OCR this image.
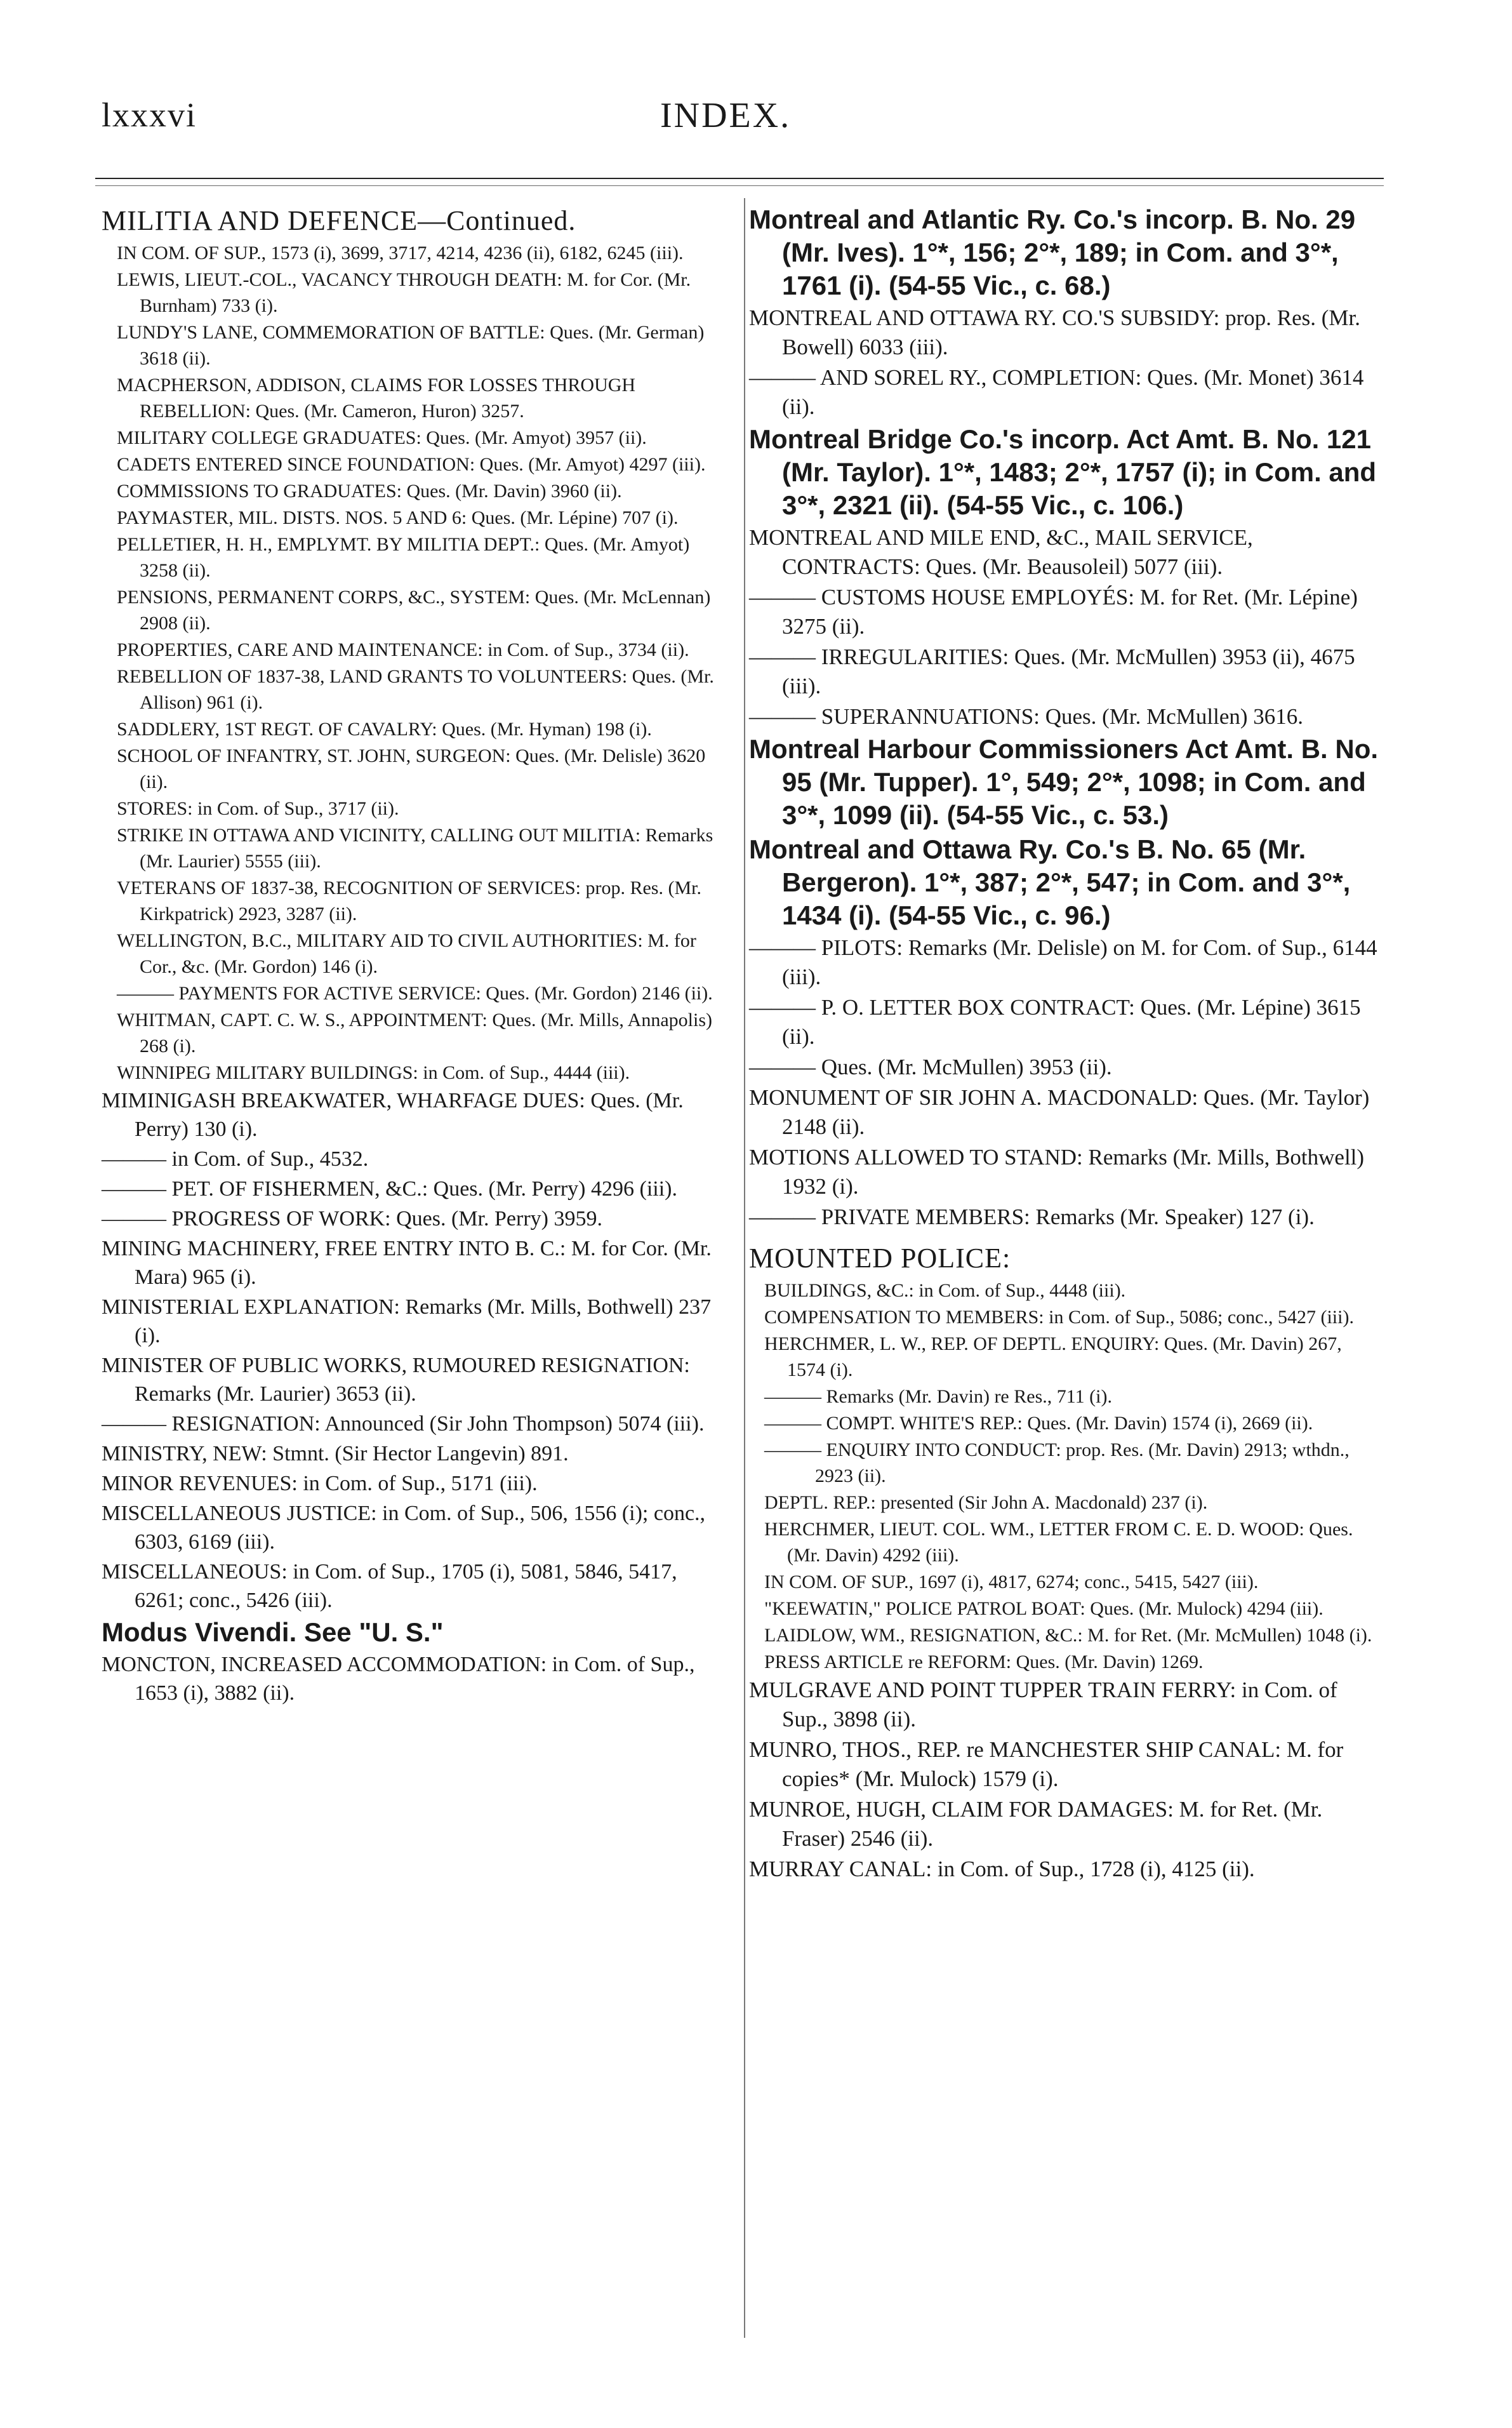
lxxxvi	INDEX.
MILITIA AND DEFENCE—Continued.
IN COM. OF SUP., 1573 (i), 3699, 3717, 4214, 4236 (ii), 6182, 6245 (iii).
LEWIS, LIEUT.-COL., VACANCY THROUGH DEATH: M. for Cor. (Mr. Burnham) 733 (i).
LUNDY'S LANE, COMMEMORATION OF BATTLE: Ques. (Mr. German) 3618 (ii).
MACPHERSON, ADDISON, CLAIMS FOR LOSSES THROUGH REBELLION: Ques. (Mr. Cameron, Huron) 3257.
MILITARY COLLEGE GRADUATES: Ques. (Mr. Amyot) 3957 (ii).
CADETS ENTERED SINCE FOUNDATION: Ques. (Mr. Amyot) 4297 (iii).
COMMISSIONS TO GRADUATES: Ques. (Mr. Davin) 3960 (ii).
PAYMASTER, MIL. DISTS. NOS. 5 AND 6: Ques. (Mr. Lépine) 707 (i).
PELLETIER, H. H., EMPLYMT. BY MILITIA DEPT.: Ques. (Mr. Amyot) 3258 (ii).
PENSIONS, PERMANENT CORPS, &C., SYSTEM: Ques. (Mr. McLennan) 2908 (ii).
PROPERTIES, CARE AND MAINTENANCE: in Com. of Sup., 3734 (ii).
REBELLION OF 1837-38, LAND GRANTS TO VOLUNTEERS: Ques. (Mr. Allison) 961 (i).
SADDLERY, 1ST REGT. OF CAVALRY: Ques. (Mr. Hyman) 198 (i).
SCHOOL OF INFANTRY, ST. JOHN, SURGEON: Ques. (Mr. Delisle) 3620 (ii).
STORES: in Com. of Sup., 3717 (ii).
STRIKE IN OTTAWA AND VICINITY, CALLING OUT MILITIA: Remarks (Mr. Laurier) 5555 (iii).
VETERANS OF 1837-38, RECOGNITION OF SERVICES: prop. Res. (Mr. Kirkpatrick) 2923, 3287 (ii).
WELLINGTON, B.C., MILITARY AID TO CIVIL AUTHORITIES: M. for Cor., &c. (Mr. Gordon) 146 (i).
——— PAYMENTS FOR ACTIVE SERVICE: Ques. (Mr. Gordon) 2146 (ii).
WHITMAN, CAPT. C. W. S., APPOINTMENT: Ques. (Mr. Mills, Annapolis) 268 (i).
WINNIPEG MILITARY BUILDINGS: in Com. of Sup., 4444 (iii).
MIMINIGASH BREAKWATER, WHARFAGE DUES: Ques. (Mr. Perry) 130 (i).
——— in Com. of Sup., 4532.
——— PET. OF FISHERMEN, &C.: Ques. (Mr. Perry) 4296 (iii).
——— PROGRESS OF WORK: Ques. (Mr. Perry) 3959.
MINING MACHINERY, FREE ENTRY INTO B. C.: M. for Cor. (Mr. Mara) 965 (i).
MINISTERIAL EXPLANATION: Remarks (Mr. Mills, Bothwell) 237 (i).
MINISTER OF PUBLIC WORKS, RUMOURED RESIGNATION: Remarks (Mr. Laurier) 3653 (ii).
——— RESIGNATION: Announced (Sir John Thompson) 5074 (iii).
MINISTRY, NEW: Stmnt. (Sir Hector Langevin) 891.
MINOR REVENUES: in Com. of Sup., 5171 (iii).
MISCELLANEOUS JUSTICE: in Com. of Sup., 506, 1556 (i); conc., 6303, 6169 (iii).
MISCELLANEOUS: in Com. of Sup., 1705 (i), 5081, 5846, 5417, 6261; conc., 5426 (iii).
Modus Vivendi. See "U. S."
MONCTON, INCREASED ACCOMMODATION: in Com. of Sup., 1653 (i), 3882 (ii).
Montreal and Atlantic Ry. Co.'s incorp. B. No. 29 (Mr. Ives). 1°*, 156; 2°*, 189; in Com. and 3°*, 1761 (i). (54-55 Vic., c. 68.)
MONTREAL AND OTTAWA RY. CO.'S SUBSIDY: prop. Res. (Mr. Bowell) 6033 (iii).
——— AND SOREL RY., COMPLETION: Ques. (Mr. Monet) 3614 (ii).
Montreal Bridge Co.'s incorp. Act Amt. B. No. 121 (Mr. Taylor). 1°*, 1483; 2°*, 1757 (i); in Com. and 3°*, 2321 (ii). (54-55 Vic., c. 106.)
MONTREAL AND MILE END, &C., MAIL SERVICE, CONTRACTS: Ques. (Mr. Beausoleil) 5077 (iii).
——— CUSTOMS HOUSE EMPLOYÉS: M. for Ret. (Mr. Lépine) 3275 (ii).
——— IRREGULARITIES: Ques. (Mr. McMullen) 3953 (ii), 4675 (iii).
——— SUPERANNUATIONS: Ques. (Mr. McMullen) 3616.
Montreal Harbour Commissioners Act Amt. B. No. 95 (Mr. Tupper). 1°, 549; 2°*, 1098; in Com. and 3°*, 1099 (ii). (54-55 Vic., c. 53.)
Montreal and Ottawa Ry. Co.'s B. No. 65 (Mr. Bergeron). 1°*, 387; 2°*, 547; in Com. and 3°*, 1434 (i). (54-55 Vic., c. 96.)
——— PILOTS: Remarks (Mr. Delisle) on M. for Com. of Sup., 6144 (iii).
——— P. O. LETTER BOX CONTRACT: Ques. (Mr. Lépine) 3615 (ii).
——— Ques. (Mr. McMullen) 3953 (ii).
MONUMENT OF SIR JOHN A. MACDONALD: Ques. (Mr. Taylor) 2148 (ii).
MOTIONS ALLOWED TO STAND: Remarks (Mr. Mills, Bothwell) 1932 (i).
——— PRIVATE MEMBERS: Remarks (Mr. Speaker) 127 (i).
MOUNTED POLICE:
BUILDINGS, &C.: in Com. of Sup., 4448 (iii).
COMPENSATION TO MEMBERS: in Com. of Sup., 5086; conc., 5427 (iii).
HERCHMER, L. W., REP. OF DEPTL. ENQUIRY: Ques. (Mr. Davin) 267, 1574 (i).
——— Remarks (Mr. Davin) re Res., 711 (i).
——— COMPT. WHITE'S REP.: Ques. (Mr. Davin) 1574 (i), 2669 (ii).
——— ENQUIRY INTO CONDUCT: prop. Res. (Mr. Davin) 2913; wthdn., 2923 (ii).
DEPTL. REP.: presented (Sir John A. Macdonald) 237 (i).
HERCHMER, LIEUT. COL. WM., LETTER FROM C. E. D. WOOD: Ques. (Mr. Davin) 4292 (iii).
IN COM. OF SUP., 1697 (i), 4817, 6274; conc., 5415, 5427 (iii).
"KEEWATIN," POLICE PATROL BOAT: Ques. (Mr. Mulock) 4294 (iii).
LAIDLOW, WM., RESIGNATION, &C.: M. for Ret. (Mr. McMullen) 1048 (i).
PRESS ARTICLE re REFORM: Ques. (Mr. Davin) 1269.
MULGRAVE AND POINT TUPPER TRAIN FERRY: in Com. of Sup., 3898 (ii).
MUNRO, THOS., REP. re MANCHESTER SHIP CANAL: M. for copies* (Mr. Mulock) 1579 (i).
MUNROE, HUGH, CLAIM FOR DAMAGES: M. for Ret. (Mr. Fraser) 2546 (ii).
MURRAY CANAL: in Com. of Sup., 1728 (i), 4125 (ii).
